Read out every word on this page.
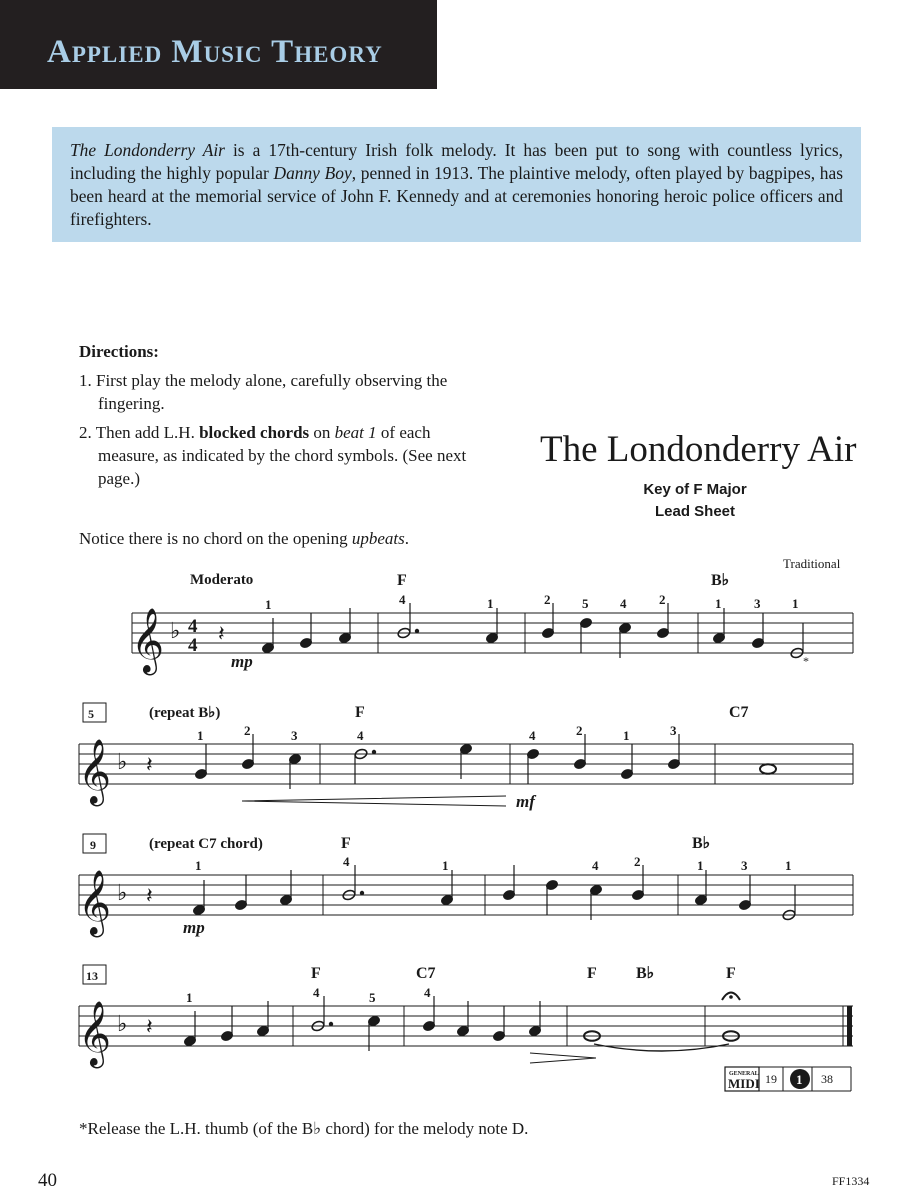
Applied Music Theory
The Londonderry Air is a 17th-century Irish folk melody. It has been put to song with countless lyrics, including the highly popular Danny Boy, penned in 1913. The plaintive melody, often played by bagpipes, has been heard at the memorial service of John F. Kennedy and at ceremonies honoring heroic police officers and firefighters.
Directions:
1. First play the melody alone, carefully observing the fingering.
2. Then add L.H. blocked chords on beat 1 of each measure, as indicated by the chord symbols. (See next page.)
Notice there is no chord on the opening upbeats.
The Londonderry Air
Key of F Major
Lead Sheet
Traditional
𝄞 ♭ 4
4 𝄽
Moderato
mp	*
1	4	1	2 5 4	2	1	3 1
F	B♭
5
𝄞 ♭ 𝄽
(repeat B♭)
mf
1	2	3	4	4	2	1	3
F	C7
9
𝄞 ♭ 𝄽
(repeat C7 chord)
mp
1	4	1	4	2	1	3	1
F	B♭
13
𝄞 ♭ 𝄽
1	4	5	4
F	C7	F B♭	F
GENERAL
MIDI 19 1 38
*Release the L.H. thumb (of the B♭ chord) for the melody note D.
40	FF1334
